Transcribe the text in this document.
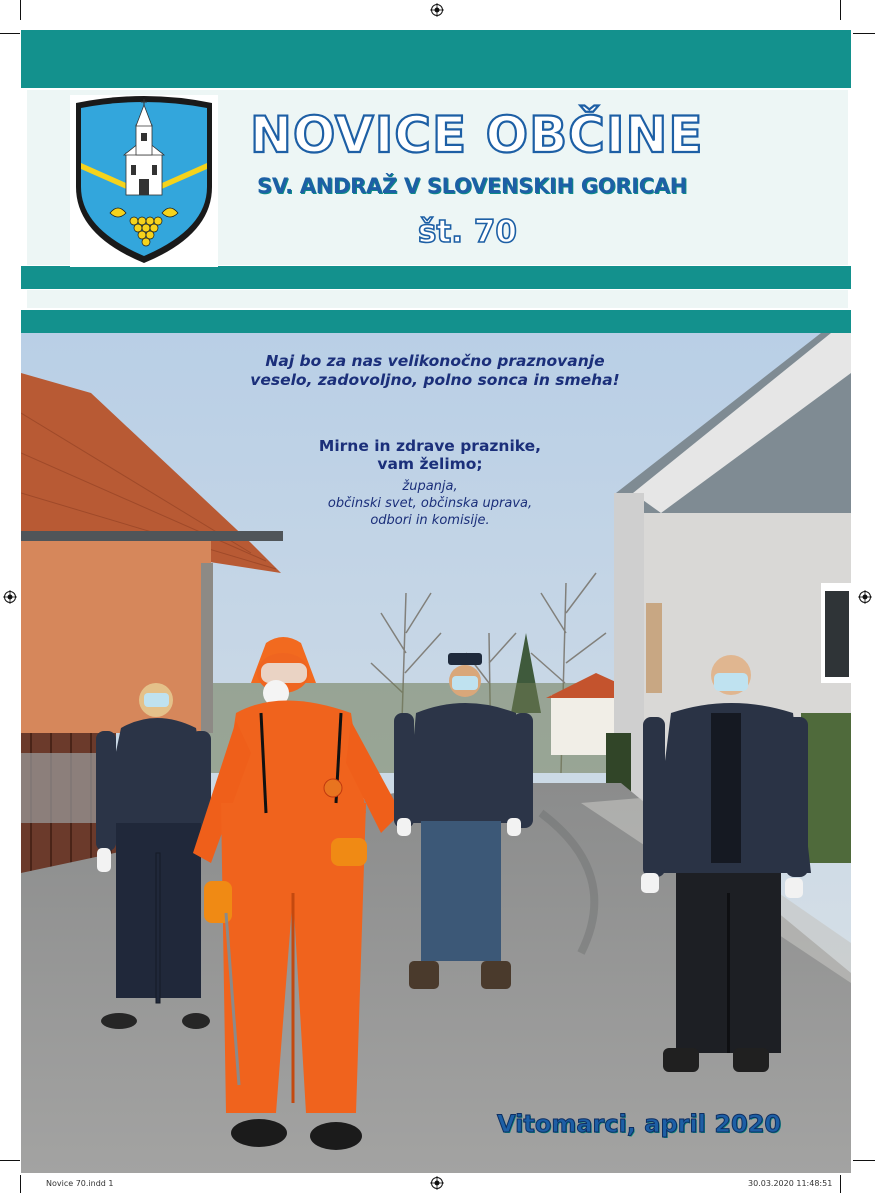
NOVICE OBČINE
SV. ANDRAŽ V SLOVENSKIH GORICAH
št. 70
Naj bo za nas velikonočno praznovanje
veselo, zadovoljno, polno sonca in smeha!
Mirne in zdrave praznike,
vam želimo;
županja,
občinski svet, občinska uprava,
odbori in komisije.
Vitomarci, april 2020
Novice 70.indd 1	30.03.2020 11:48:51
